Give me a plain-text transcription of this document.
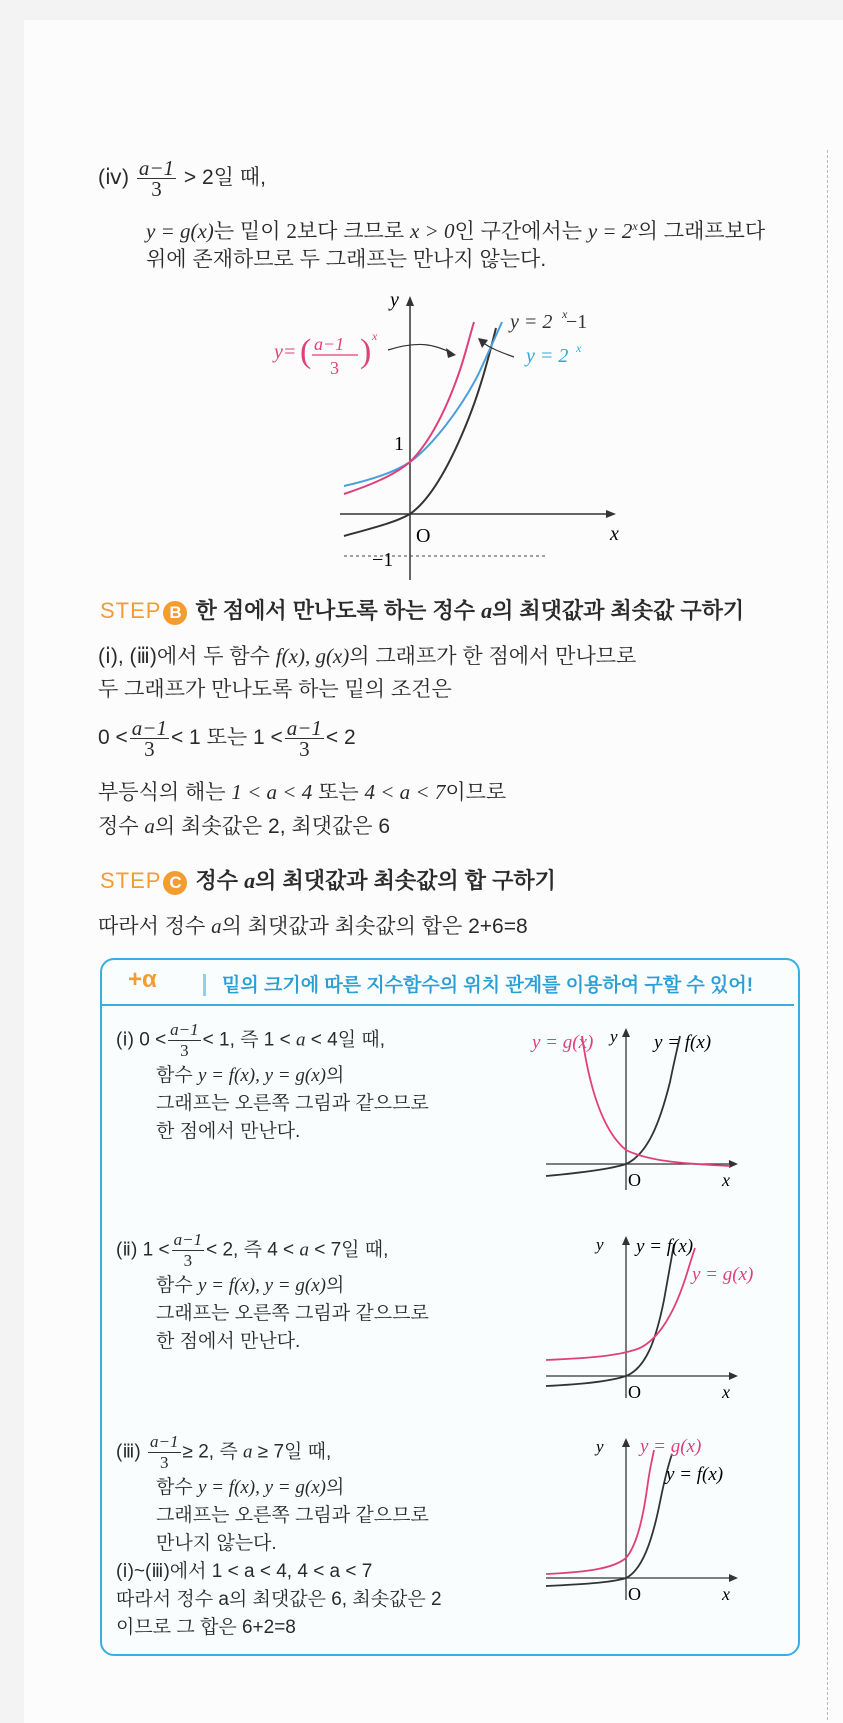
(ⅳ) $\frac{a-1}{3} > 2$일 때,
y = g(x)는 밑이 2보다 크므로 x > 0인 구간에서는 $y = 2^x$의 그래프보다
위에 존재하므로 두 그래프는 만나지 않는다.
y
x
O
1
−1
y = 2 x
−1
y = 2 x
y= ( a−1
3 ) x
STEP B 한 점에서 만나도록 하는 정수 a의 최댓값과 최솟값 구하기
(ⅰ), (ⅲ)에서 두 함수 f(x), g(x)의 그래프가 한 점에서 만나므로
두 그래프가 만나도록 하는 밑의 조건은
$0 < \frac{a-1}{3} < 1$ 또는 $1 < \frac{a-1}{3} < 2$
부등식의 해는 1 < a < 4 또는 4 < a < 7이므로
정수 a의 최솟값은 2, 최댓값은 6
STEP C 정수 a의 최댓값과 최솟값의 합 구하기
따라서 정수 a의 최댓값과 최솟값의 합은 2+6=8
+α	밑의 크기에 따른 지수함수의 위치 관계를 이용하여 구할 수 있어!
(ⅰ) $0 < \frac{a-1}{3} < 1$, 즉 1 < a < 4일 때,
함수 y = f(x), y = g(x)의
그래프는 오른쪽 그림과 같으므로
한 점에서 만난다.
y = g(x) y y = f(x)
O	x
(ⅱ) $1 < \frac{a-1}{3} < 2$, 즉 4 < a < 7일 때,
함수 y = f(x), y = g(x)의
그래프는 오른쪽 그림과 같으므로
한 점에서 만난다.
y y = f(x)
y = g(x)
O	x
(ⅲ) $\frac{a-1}{3} \ge 2$, 즉 a ≥ 7일 때,
함수 y = f(x), y = g(x)의
그래프는 오른쪽 그림과 같으므로
만나지 않는다.
(ⅰ)~(ⅲ)에서 1 < a < 4, 4 < a < 7
따라서 정수 a의 최댓값은 6, 최솟값은 2
이므로 그 합은 6+2=8
y y = g(x)
y = f(x)
O	x
